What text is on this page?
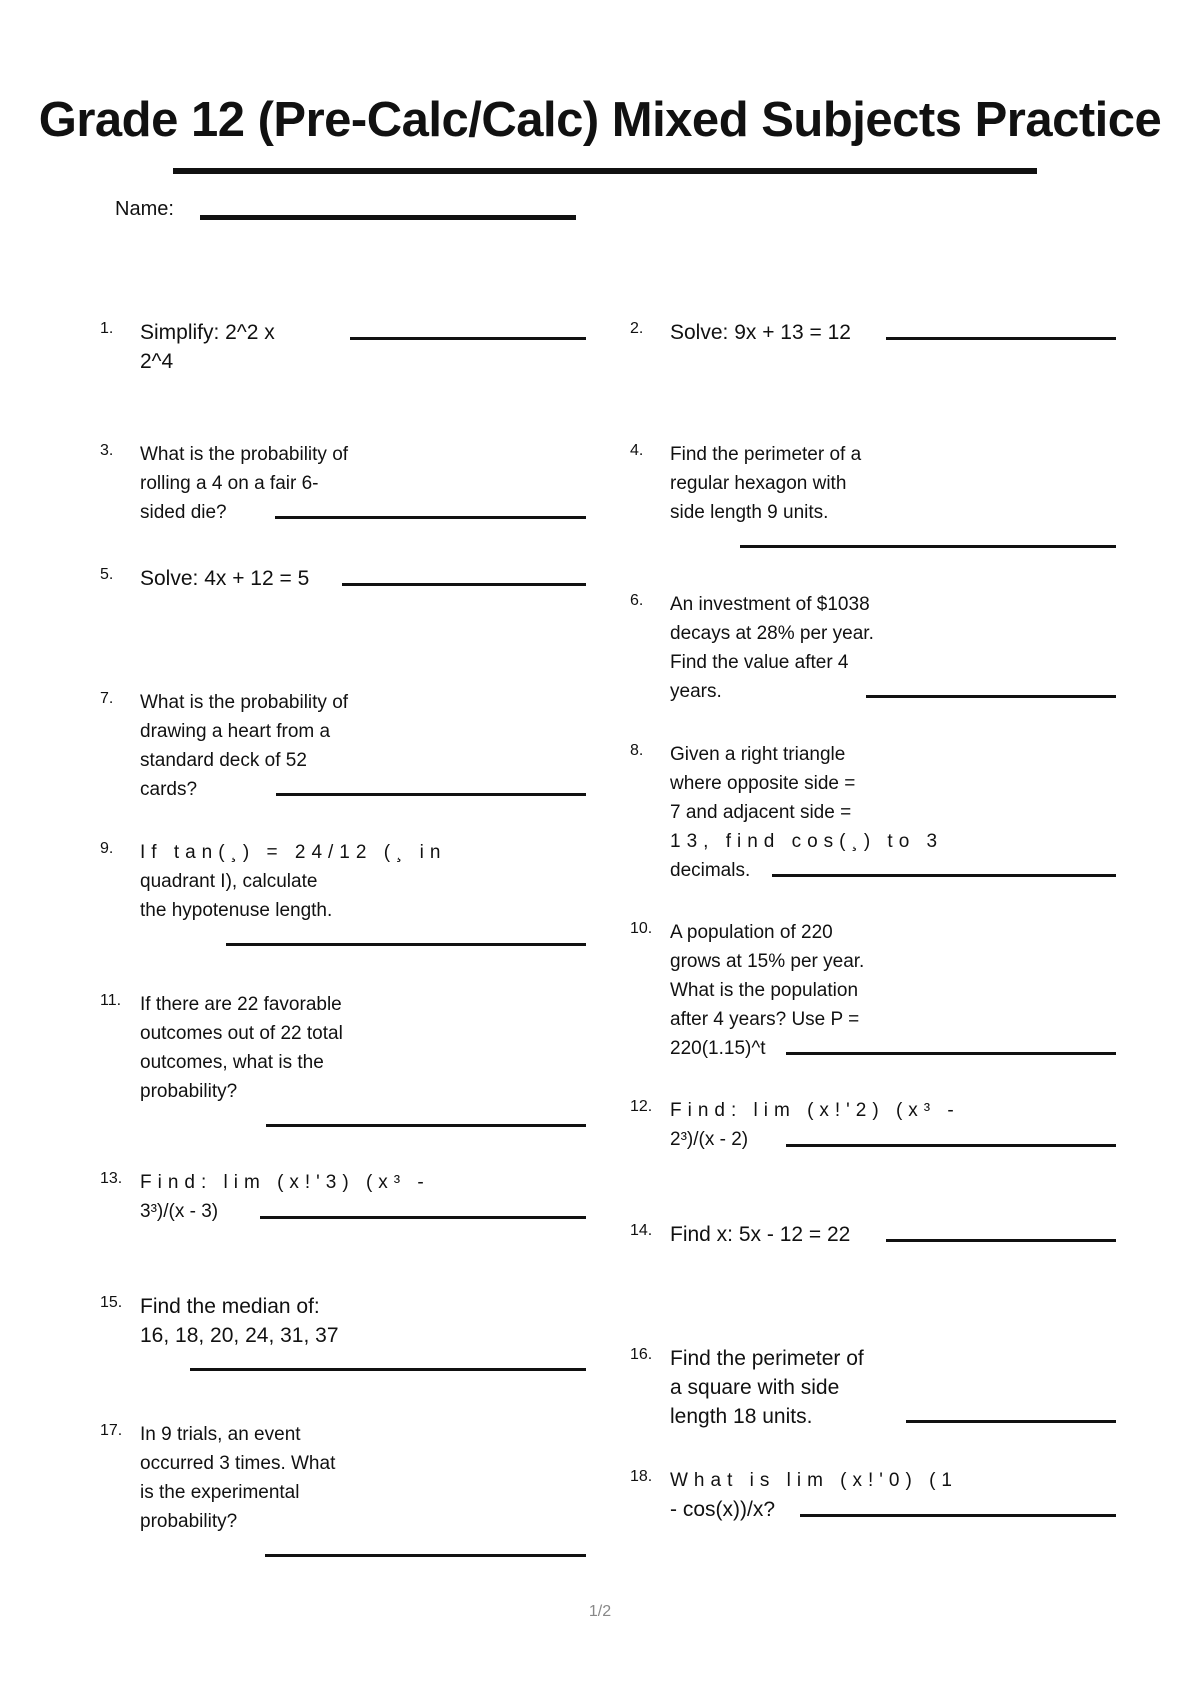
Grade 12 (Pre-Calc/Calc) Mixed Subjects Practice
Name:
1.	Simplify: 2^2 x 2^4
3.	What is the probability of rolling a 4 on a fair 6-sided die?
5.	Solve: 4x + 12 = 5
7.	What is the probability of drawing a heart from a standard deck of 52 cards?
9.	If tan(¸) = 24/12 (¸ in
quadrant I), calculate the hypotenuse length.
11. If there are 22 favorable outcomes out of 22 total outcomes, what is the probability?
13. Find: lim (x!'3) (x³ -
3³)/(x - 3)
15. Find the median of: 16, 18, 20, 24, 31, 37
17. In 9 trials, an event occurred 3 times. What is the experimental probability?
2.	Solve: 9x + 13 = 12
4.	Find the perimeter of a regular hexagon with side length 9 units.
6.	An investment of $1038 decays at 28% per year. Find the value after 4 years.
8.	Given a right triangle where opposite side = 7 and adjacent side =
13, find cos(¸) to 3
decimals.
10. A population of 220 grows at 15% per year. What is the population after 4 years? Use P = 220(1.15)^t
12. Find: lim (x!'2) (x³ -
2³)/(x - 2)
14. Find x: 5x - 12 = 22
16. Find the perimeter of a square with side length 18 units.
18. What is lim (x!'0) (1
- cos(x))/x?
1/2
